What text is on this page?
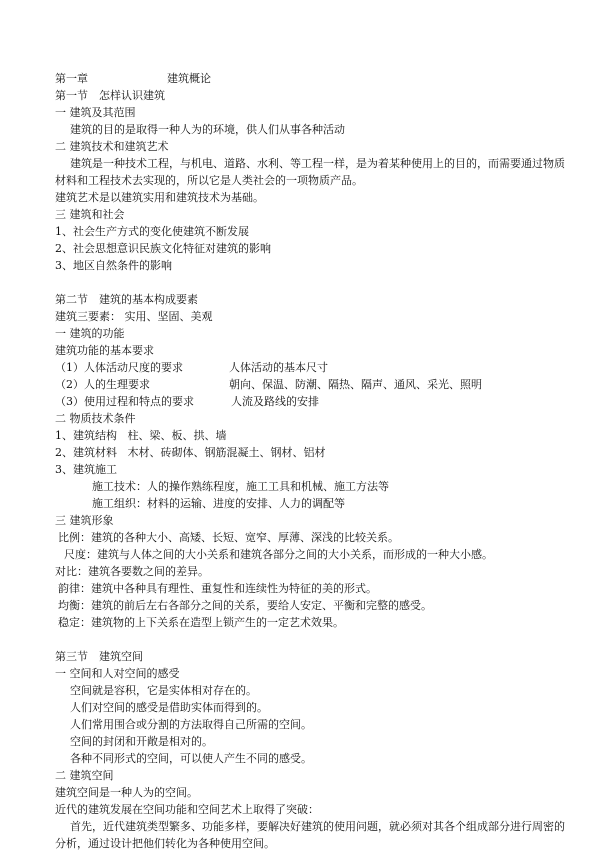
第一章	建筑概论
第一节 怎样认识建筑
一 建筑及其范围
建筑的目的是取得一种人为的环境，供人们从事各种活动
二 建筑技术和建筑艺术
建筑是一种技术工程，与机电、道路、水利、等工程一样，是为着某种使用上的目的，而需要通过物质
材料和工程技术去实现的，所以它是人类社会的一项物质产品。
建筑艺术是以建筑实用和建筑技术为基础。
三 建筑和社会
1、社会生产方式的变化使建筑不断发展
2、社会思想意识民族文化特征对建筑的影响
3、地区自然条件的影响
第二节 建筑的基本构成要素
建筑三要素： 实用、坚固、美观
一 建筑的功能
建筑功能的基本要求
（1）人体活动尺度的要求	人体活动的基本尺寸
（2）人的生理要求	朝向、保温、防潮、隔热、隔声、通风、采光、照明
（3）使用过程和特点的要求	人流及路线的安排
二 物质技术条件
1、建筑结构 柱、梁、板、拱、墙
2、建筑材料 木材、砖砌体、钢筋混凝土、钢材、铝材
3、建筑施工
施工技术：人的操作熟练程度，施工工具和机械、施工方法等
施工组织：材料的运输、进度的安排、人力的调配等
三 建筑形象
比例：建筑的各种大小、高矮、长短、宽窄、厚薄、深浅的比较关系。
尺度：建筑与人体之间的大小关系和建筑各部分之间的大小关系，而形成的一种大小感。
对比：建筑各要数之间的差异。
韵律：建筑中各种具有理性、重复性和连续性为特征的美的形式。
均衡：建筑的前后左右各部分之间的关系，要给人安定、平衡和完整的感受。
稳定：建筑物的上下关系在造型上锁产生的一定艺术效果。
第三节 建筑空间
一 空间和人对空间的感受
空间就是容积，它是实体相对存在的。
人们对空间的感受是借助实体而得到的。
人们常用围合或分割的方法取得自己所需的空间。
空间的封闭和开敞是相对的。
各种不同形式的空间，可以使人产生不同的感受。
二 建筑空间
建筑空间是一种人为的空间。
近代的建筑发展在空间功能和空间艺术上取得了突破：
首先，近代建筑类型繁多、功能多样，要解决好建筑的使用问题，就必须对其各个组成部分进行周密的
分析，通过设计把他们转化为各种使用空间。
